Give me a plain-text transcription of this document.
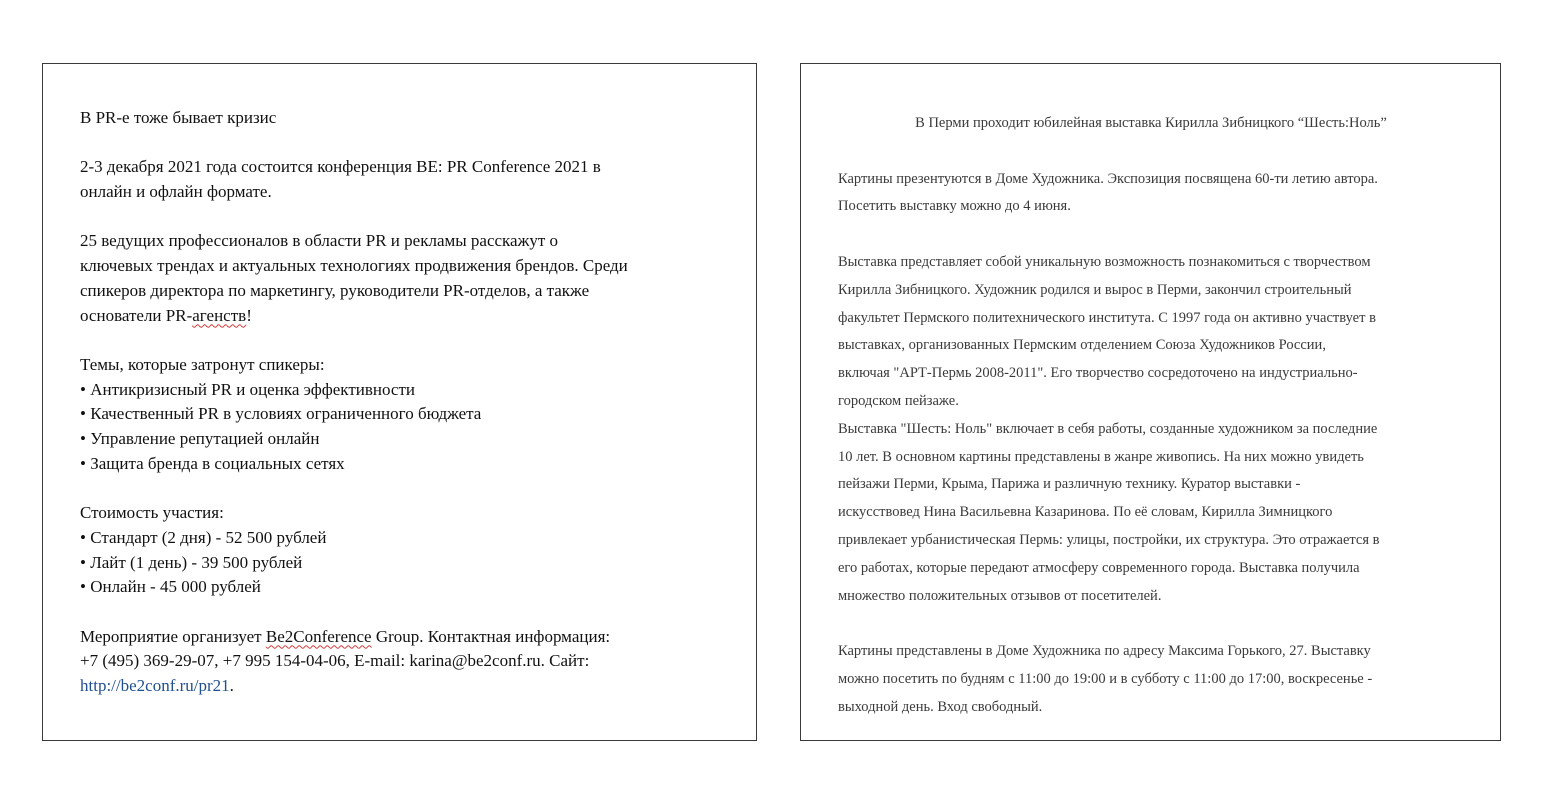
В PR-е тоже бывает кризис

2-3 декабря 2021 года состоится конференция BE: PR Conference 2021 в

онлайн и офлайн формате.

25 ведущих профессионалов в области PR и рекламы расскажут о

ключевых трендах и актуальных технологиях продвижения брендов. Среди

спикеров директора по маркетингу, руководители PR-отделов, а также

основатели PR-агенств!

Темы, которые затронут спикеры:

• Антикризисный PR и оценка эффективности

• Качественный PR в условиях ограниченного бюджета

• Управление репутацией онлайн

• Защита бренда в социальных сетях

Стоимость участия:

• Стандарт (2 дня) - 52 500 рублей

• Лайт (1 день) - 39 500 рублей

• Онлайн - 45 000 рублей

Мероприятие организует Be2Conference Group. Контактная информация:

+7 (495) 369-29-07, +7 995 154-04-06, E-mail: karina@be2conf.ru. Сайт:

http://be2conf.ru/pr21.

В Перми проходит юбилейная выставка Кирилла Зибницкого “Шесть:Ноль”

Картины презентуются в Доме Художника. Экспозиция посвящена 60-ти летию автора.

Посетить выставку можно до 4 июня.

Выставка представляет собой уникальную возможность познакомиться с творчеством

Кирилла Зибницкого. Художник родился и вырос в Перми, закончил строительный

факультет Пермского политехнического института. С 1997 года он активно участвует в

выставках, организованных Пермским отделением Союза Художников России,

включая "АРТ-Пермь 2008-2011". Его творчество сосредоточено на индустриально-

городском пейзаже.

Выставка "Шесть: Ноль" включает в себя работы, созданные художником за последние

10 лет. В основном картины представлены в жанре живопись. На них можно увидеть

пейзажи Перми, Крыма, Парижа и различную технику. Куратор выставки -

искусствовед Нина Васильевна Казаринова. По её словам, Кирилла Зимницкого

привлекает урбанистическая Пермь: улицы, постройки, их структура. Это отражается в

его работах, которые передают атмосферу современного города. Выставка получила

множество положительных отзывов от посетителей.

Картины представлены в Доме Художника по адресу Максима Горького, 27. Выставку

можно посетить по будням с 11:00 до 19:00 и в субботу с 11:00 до 17:00, воскресенье -

выходной день. Вход свободный.
